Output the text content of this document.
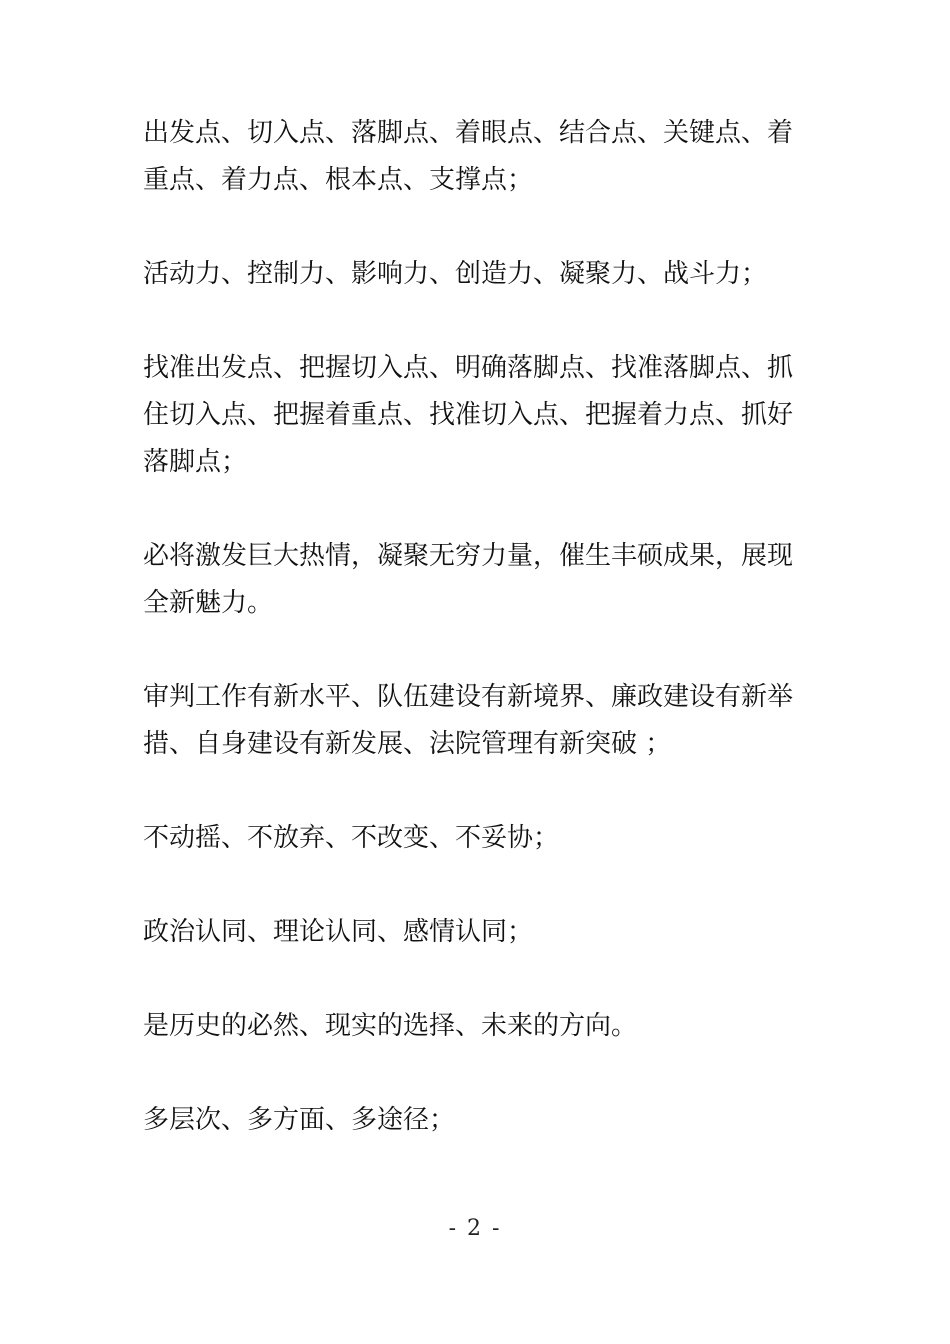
出发点、切入点、落脚点、着眼点、结合点、关键点、着重点、着力点、根本点、支撑点；

活动力、控制力、影响力、创造力、凝聚力、战斗力；

找准出发点、把握切入点、明确落脚点、找准落脚点、抓住切入点、把握着重点、找准切入点、把握着力点、抓好落脚点；

必将激发巨大热情，凝聚无穷力量，催生丰硕成果，展现全新魅力。

审判工作有新水平、队伍建设有新境界、廉政建设有新举措、自身建设有新发展、法院管理有新突破 ；

不动摇、不放弃、不改变、不妥协；

政治认同、理论认同、感情认同；

是历史的必然、现实的选择、未来的方向。

多层次、多方面、多途径；

- 2 -
